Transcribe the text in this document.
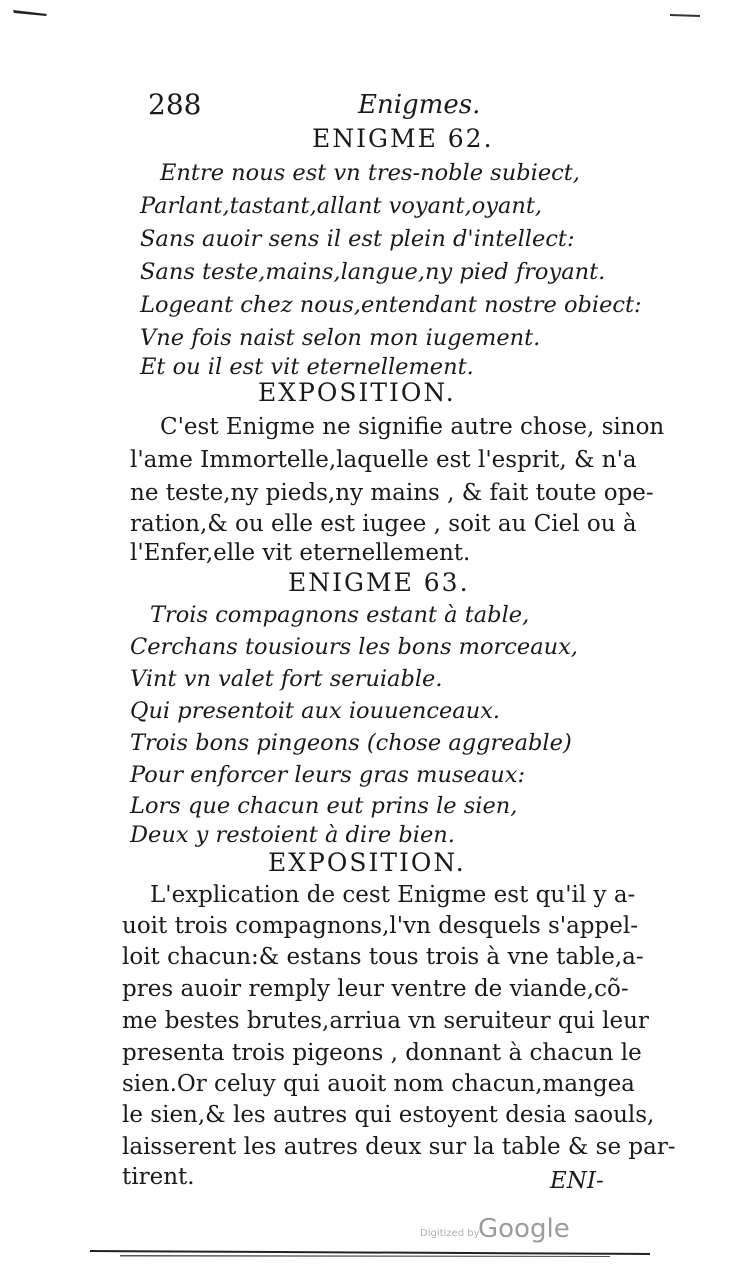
288	Enigmes.
ENIGME 62.
Entre nous est vn tres-noble subiect,
Parlant,tastant,allant voyant,oyant,
Sans auoir sens il est plein d'intellect:
Sans teste,mains,langue,ny pied froyant.
Logeant chez nous,entendant nostre obiect:
Vne fois naist selon mon iugement.
Et ou il est vit eternellement.
EXPOSITION.
C'est Enigme ne signifie autre chose, sinon
l'ame Immortelle,laquelle est l'esprit, & n'a
ne teste,ny pieds,ny mains , & fait toute ope-
ration,& ou elle est iugee , soit au Ciel ou à
l'Enfer,elle vit eternellement.
ENIGME 63.
Trois compagnons estant à table,
Cerchans tousiours les bons morceaux,
Vint vn valet fort seruiable.
Qui presentoit aux iouuenceaux.
Trois bons pingeons (chose aggreable)
Pour enforcer leurs gras museaux:
Lors que chacun eut prins le sien,
Deux y restoient à dire bien.
EXPOSITION.
L'explication de cest Enigme est qu'il y a-
uoit trois compagnons,l'vn desquels s'appel-
loit chacun:& estans tous trois à vne table,a-
pres auoir remply leur ventre de viande,cõ-
me bestes brutes,arriua vn seruiteur qui leur
presenta trois pigeons , donnant à chacun le
sien.Or celuy qui auoit nom chacun,mangea
le sien,& les autres qui estoyent desia saouls,
laisserent les autres deux sur la table & se par-
tirent.	ENI-
Digitized by
Google
